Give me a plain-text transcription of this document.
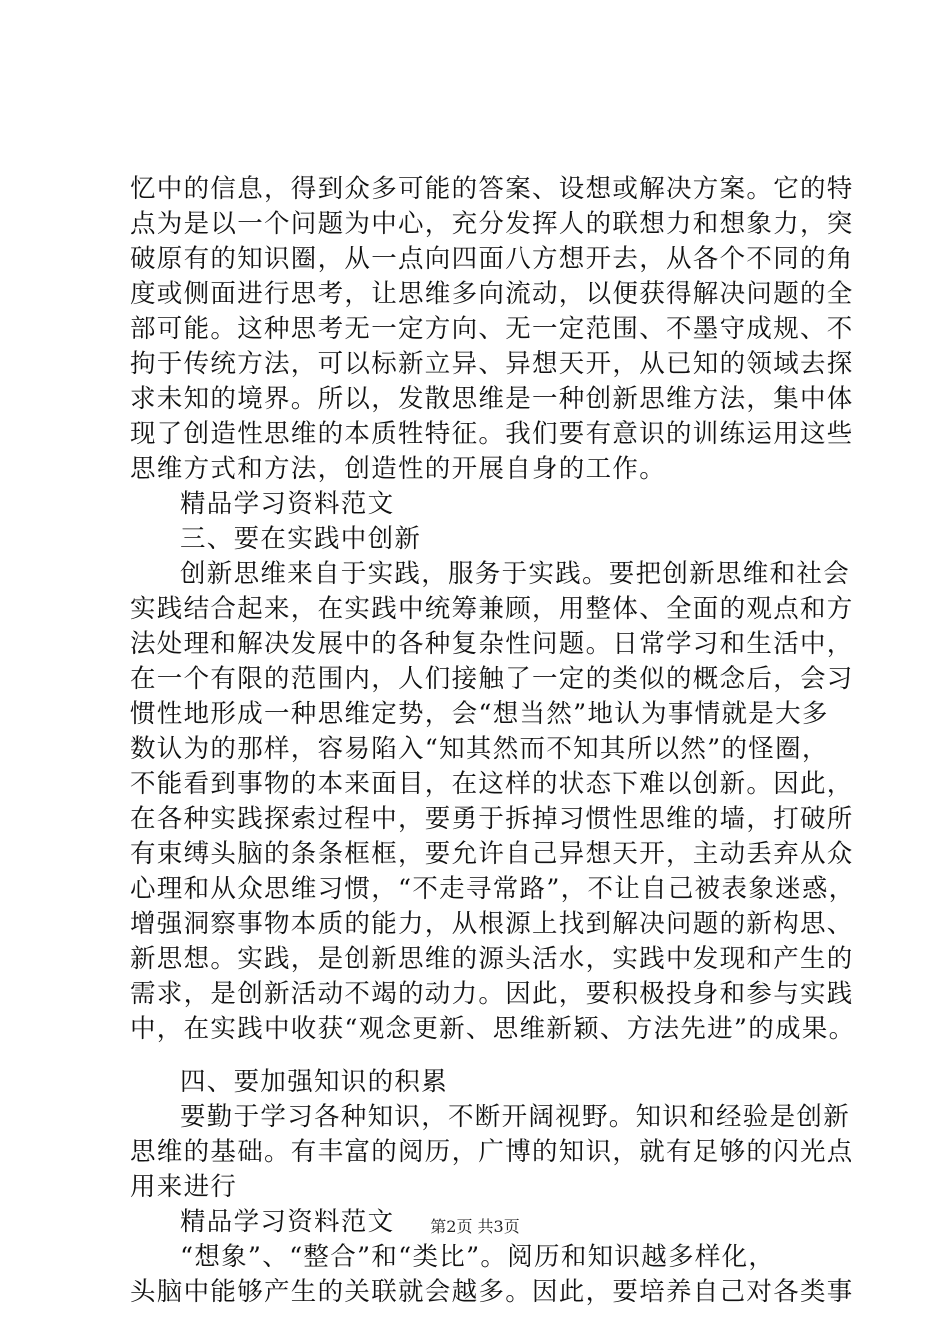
忆中的信息，得到众多可能的答案、设想或解决方案。它的特
点为是以一个问题为中心，充分发挥人的联想力和想象力，突
破原有的知识圈，从一点向四面八方想开去，从各个不同的角
度或侧面进行思考，让思维多向流动，以便获得解决问题的全
部可能。这种思考无一定方向、无一定范围、不墨守成规、不
拘于传统方法，可以标新立异、异想天开，从已知的领域去探
求未知的境界。所以，发散思维是一种创新思维方法，集中体
现了创造性思维的本质牲特征。我们要有意识的训练运用这些
思维方式和方法，创造性的开展自身的工作。
精品学习资料范文
三、要在实践中创新
创新思维来自于实践，服务于实践。要把创新思维和社会
实践结合起来，在实践中统筹兼顾，用整体、全面的观点和方
法处理和解决发展中的各种复杂性问题。日常学习和生活中，
在一个有限的范围内，人们接触了一定的类似的概念后，会习
惯性地形成一种思维定势，会“想当然”地认为事情就是大多
数认为的那样，容易陷入“知其然而不知其所以然”的怪圈，
不能看到事物的本来面目，在这样的状态下难以创新。因此，
在各种实践探索过程中，要勇于拆掉习惯性思维的墙，打破所
有束缚头脑的条条框框，要允许自己异想天开，主动丢弃从众
心理和从众思维习惯，“不走寻常路”，不让自己被表象迷惑，
增强洞察事物本质的能力，从根源上找到解决问题的新构思、
新思想。实践，是创新思维的源头活水，实践中发现和产生的
需求，是创新活动不竭的动力。因此，要积极投身和参与实践
中，在实践中收获“观念更新、思维新颖、方法先进”的成果。
四、要加强知识的积累
要勤于学习各种知识，不断开阔视野。知识和经验是创新
思维的基础。有丰富的阅历，广博的知识，就有足够的闪光点
用来进行
精品学习资料范文
“想象”、“整合”和“类比”。阅历和知识越多样化，
头脑中能够产生的关联就会越多。因此，要培养自己对各类事
第2页 共3页
